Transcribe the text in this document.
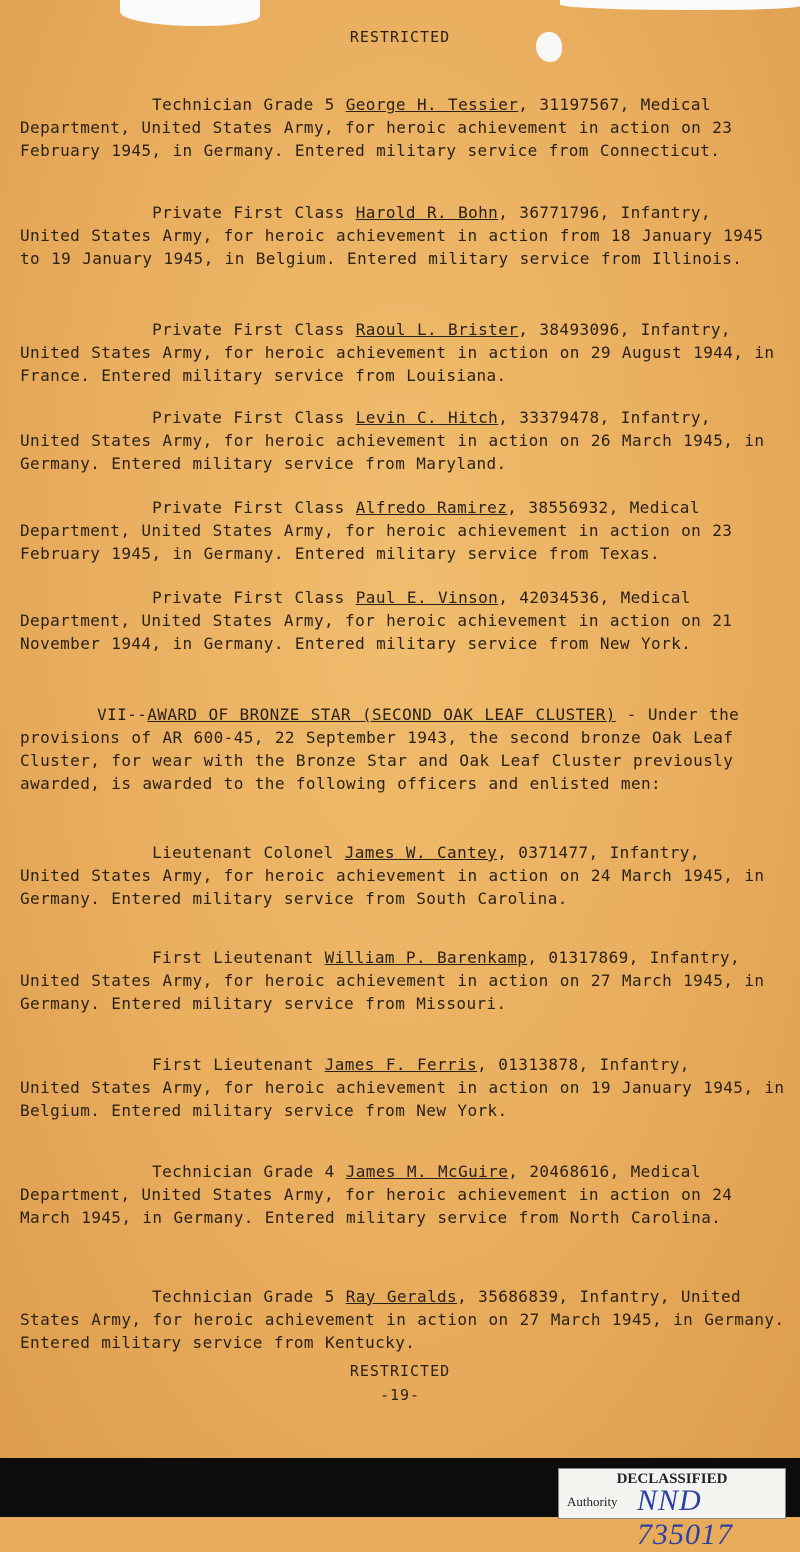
RESTRICTED

Technician Grade 5 George H. Tessier, 31197567, Medical
Department, United States Army, for heroic achievement in action on 23 February 1945, in Germany. Entered military service from Connecticut.

Private First Class Harold R. Bohn, 36771796, Infantry,
United States Army, for heroic achievement in action from 18 January 1945 to 19 January 1945, in Belgium. Entered military service from Illinois.

Private First Class Raoul L. Brister, 38493096, Infantry,
United States Army, for heroic achievement in action on 29 August 1944, in France. Entered military service from Louisiana.

Private First Class Levin C. Hitch, 33379478, Infantry,
United States Army, for heroic achievement in action on 26 March 1945, in Germany. Entered military service from Maryland.

Private First Class Alfredo Ramirez, 38556932, Medical
Department, United States Army, for heroic achievement in action on 23 February 1945, in Germany. Entered military service from Texas.

Private First Class Paul E. Vinson, 42034536, Medical
Department, United States Army, for heroic achievement in action on 21 November 1944, in Germany. Entered military service from New York.

VII--AWARD OF BRONZE STAR (SECOND OAK LEAF CLUSTER) - Under the provisions of AR 600-45, 22 September 1943, the second bronze Oak Leaf Cluster, for wear with the Bronze Star and Oak Leaf Cluster previously awarded, is awarded to the following officers and enlisted men:

Lieutenant Colonel James W. Cantey, 0371477, Infantry,
United States Army, for heroic achievement in action on 24 March 1945, in Germany. Entered military service from South Carolina.

First Lieutenant William P. Barenkamp, 01317869, Infantry,
United States Army, for heroic achievement in action on 27 March 1945, in Germany. Entered military service from Missouri.

First Lieutenant James F. Ferris, 01313878, Infantry,
United States Army, for heroic achievement in action on 19 January 1945, in Belgium. Entered military service from New York.

Technician Grade 4 James M. McGuire, 20468616, Medical
Department, United States Army, for heroic achievement in action on 24 March 1945, in Germany. Entered military service from North Carolina.

Technician Grade 5 Ray Geralds, 35686839, Infantry, United
States Army, for heroic achievement in action on 27 March 1945, in Germany. Entered military service from Kentucky.
RESTRICTED
-19-
DECLASSIFIED
Authority NND 735017
